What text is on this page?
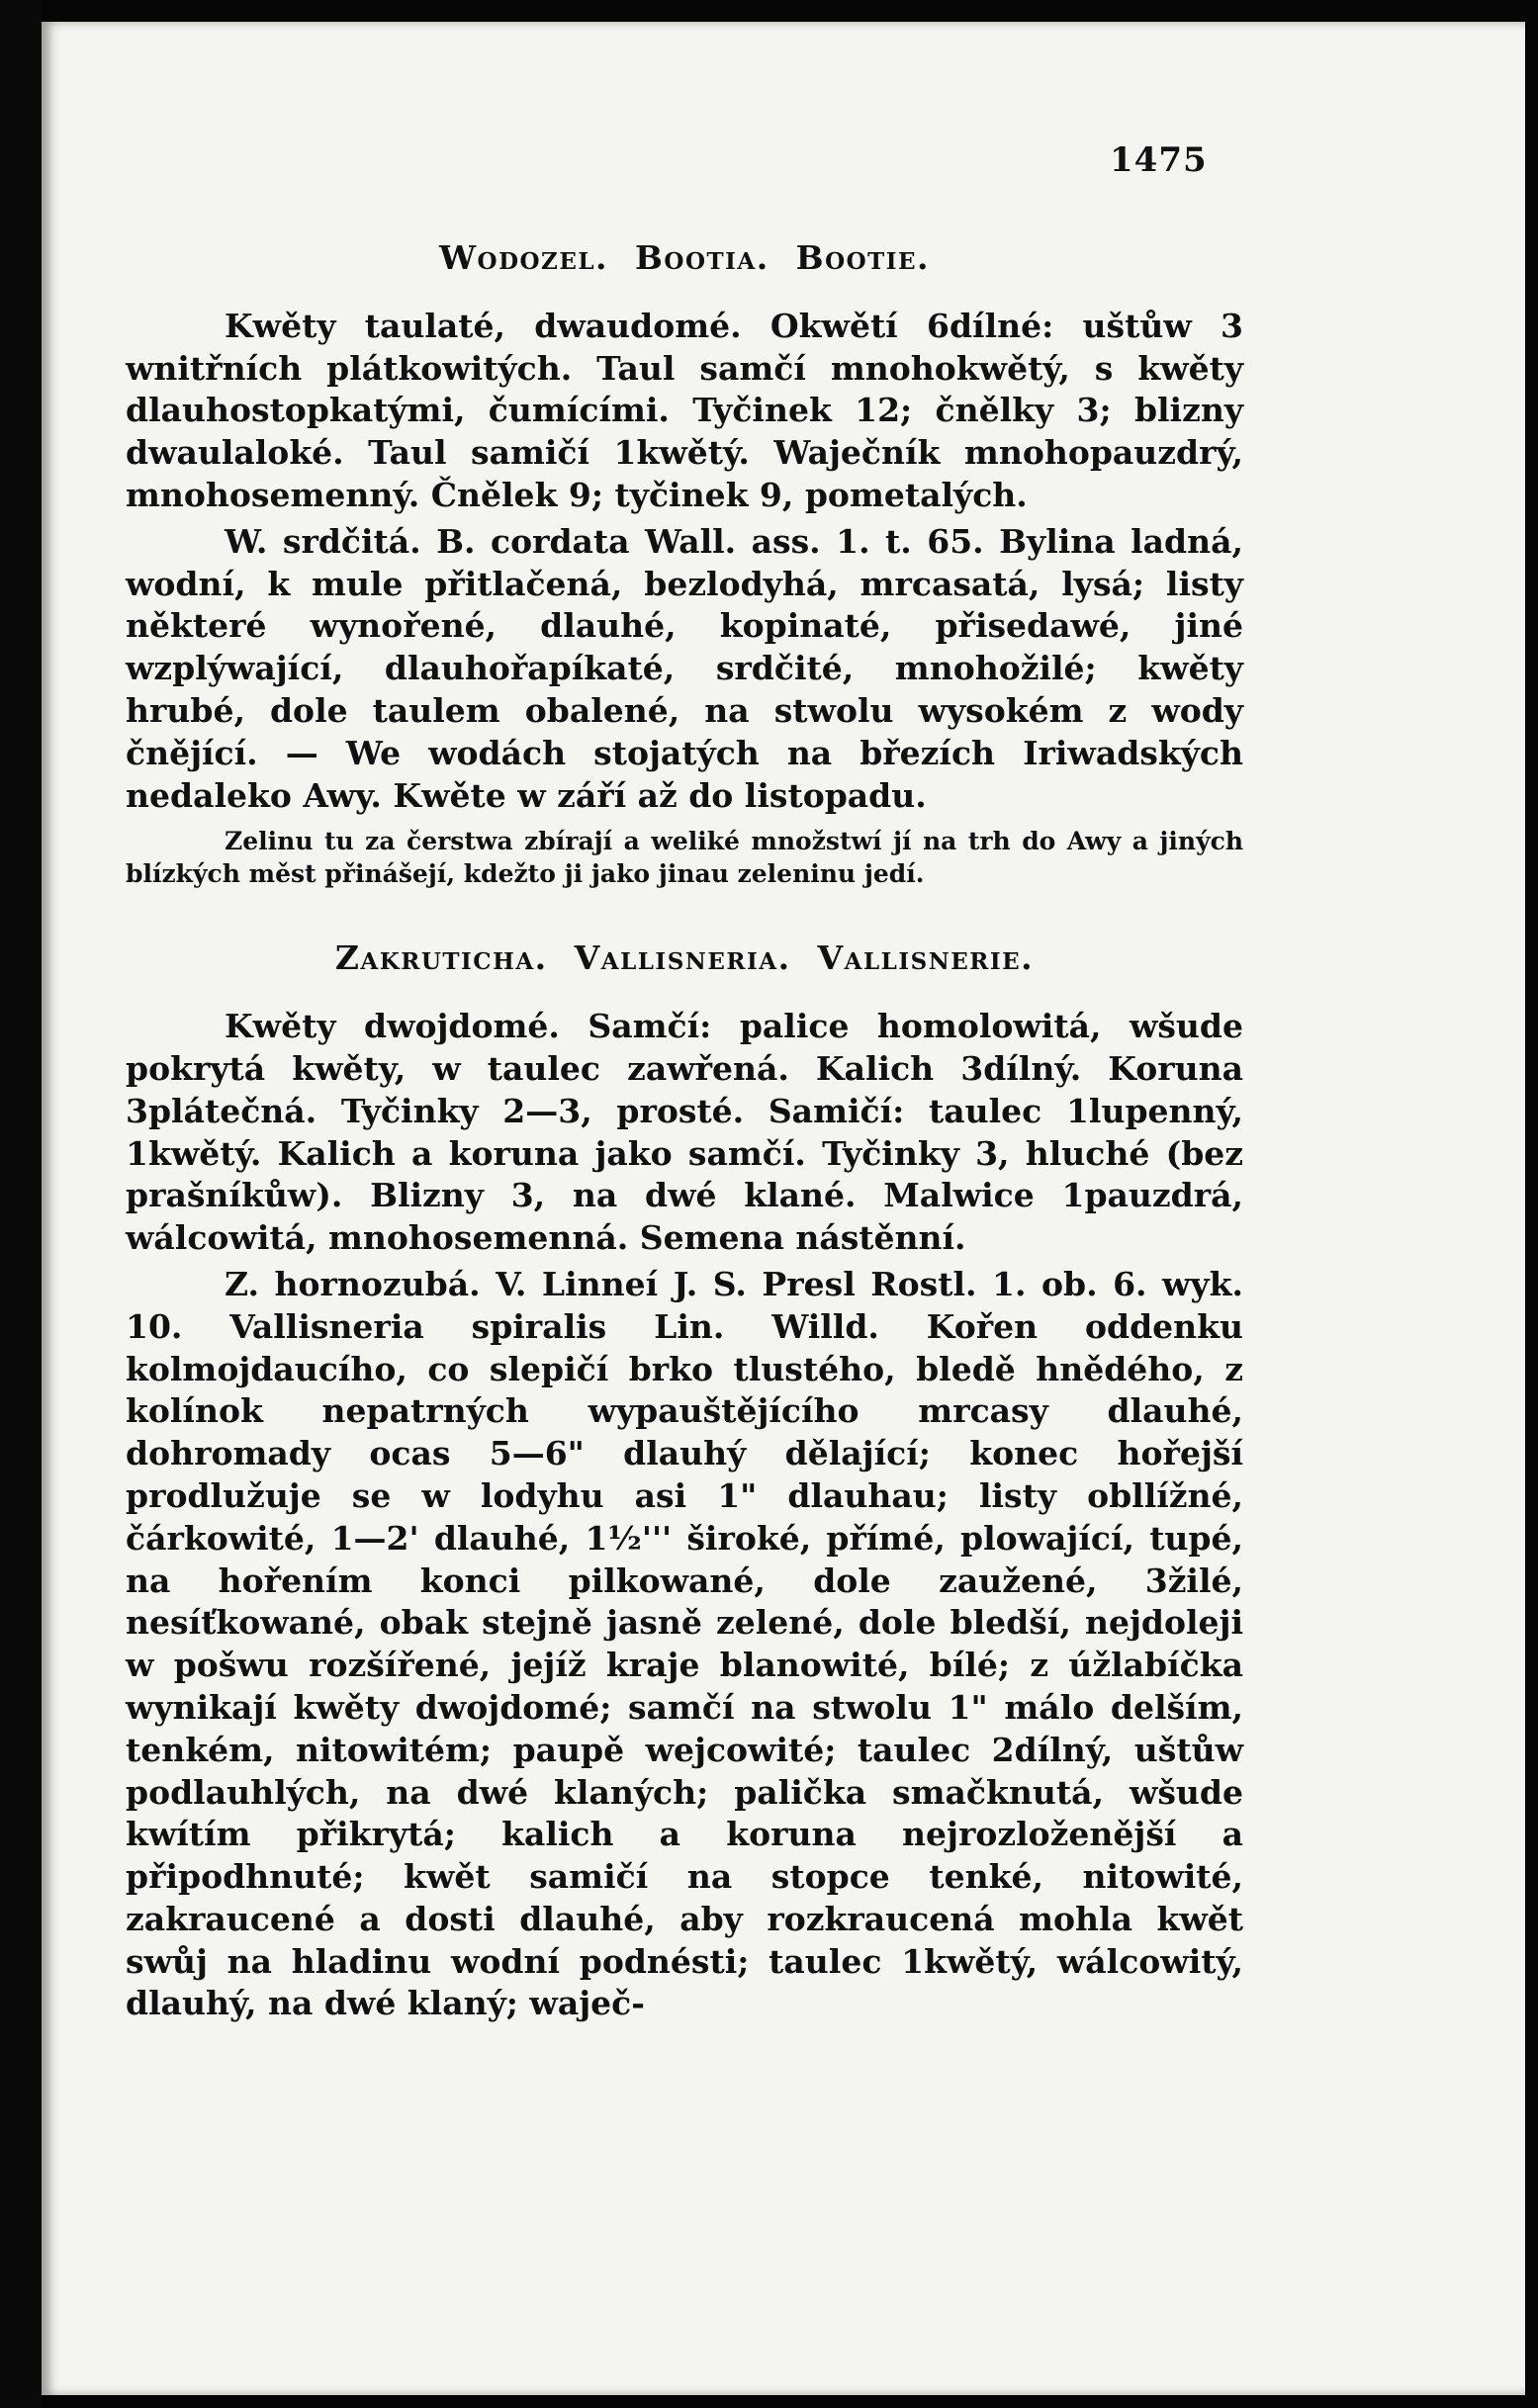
1475
Wodozel. Bootia. Bootie.

Kwěty taulaté, dwaudomé. Okwětí 6dílné: uštůw 3 wnitřních plátkowitých. Taul samčí mnohokwětý, s kwěty dlauhostopkatými, čumícími. Tyčinek 12; čnělky 3; blizny dwaulaloké. Taul samičí 1kwětý. Waječník mnohopauzdrý, mnohosemenný. Čnělek 9; tyčinek 9, pometalých.

W. srdčitá. B. cordata Wall. ass. 1. t. 65. Bylina ladná, wodní, k mule přitlačená, bezlodyhá, mrcasatá, lysá; listy některé wynořené, dlauhé, kopinaté, přisedawé, jiné wzplýwající, dlauhořapíkaté, srdčité, mnohožilé; kwěty hrubé, dole taulem obalené, na stwolu wysokém z wody čnějící. — We wodách stojatých na březích Iriwadských nedaleko Awy. Kwěte w září až do listopadu.

Zelinu tu za čerstwa zbírají a weliké množstwí jí na trh do Awy a jiných blízkých měst přinášejí, kdežto ji jako jinau zeleninu jedí.

Zakruticha. Vallisneria. Vallisnerie.

Kwěty dwojdomé. Samčí: palice homolowitá, wšude pokrytá kwěty, w taulec zawřená. Kalich 3dílný. Koruna 3plátečná. Tyčinky 2—3, prosté. Samičí: taulec 1lupenný, 1kwětý. Kalich a koruna jako samčí. Tyčinky 3, hluché (bez prašníkůw). Blizny 3, na dwé klané. Malwice 1pauzdrá, wálcowitá, mnohosemenná. Semena nástěnní.

Z. hornozubá. V. Linneí J. S. Presl Rostl. 1. ob. 6. wyk. 10. Vallisneria spiralis Lin. Willd. Kořen oddenku kolmojdaucího, co slepičí brko tlustého, bledě hnědého, z kolínok nepatrných wypauštějícího mrcasy dlauhé, dohromady ocas 5—6" dlauhý dělající; konec hořejší prodlužuje se w lodyhu asi 1" dlauhau; listy obllížné, čárkowité, 1—2' dlauhé, 1½''' široké, přímé, plowající, tupé, na hořením konci pilkowané, dole zaužené, 3žilé, nesíťkowané, obak stejně jasně zelené, dole bledší, nejdoleji w pošwu rozšířené, jejíž kraje blanowité, bílé; z úžlabíčka wynikají kwěty dwojdomé; samčí na stwolu 1" málo delším, tenkém, nitowitém; paupě wejcowité; taulec 2dílný, uštůw podlauhlých, na dwé klaných; palička smačknutá, wšude kwítím přikrytá; kalich a koruna nejrozloženější a připodhnuté; kwět samičí na stopce tenké, nitowité, zakraucené a dosti dlauhé, aby rozkraucená mohla kwět swůj na hladinu wodní podnésti; taulec 1kwětý, wálcowitý, dlauhý, na dwé klaný; waječ-
